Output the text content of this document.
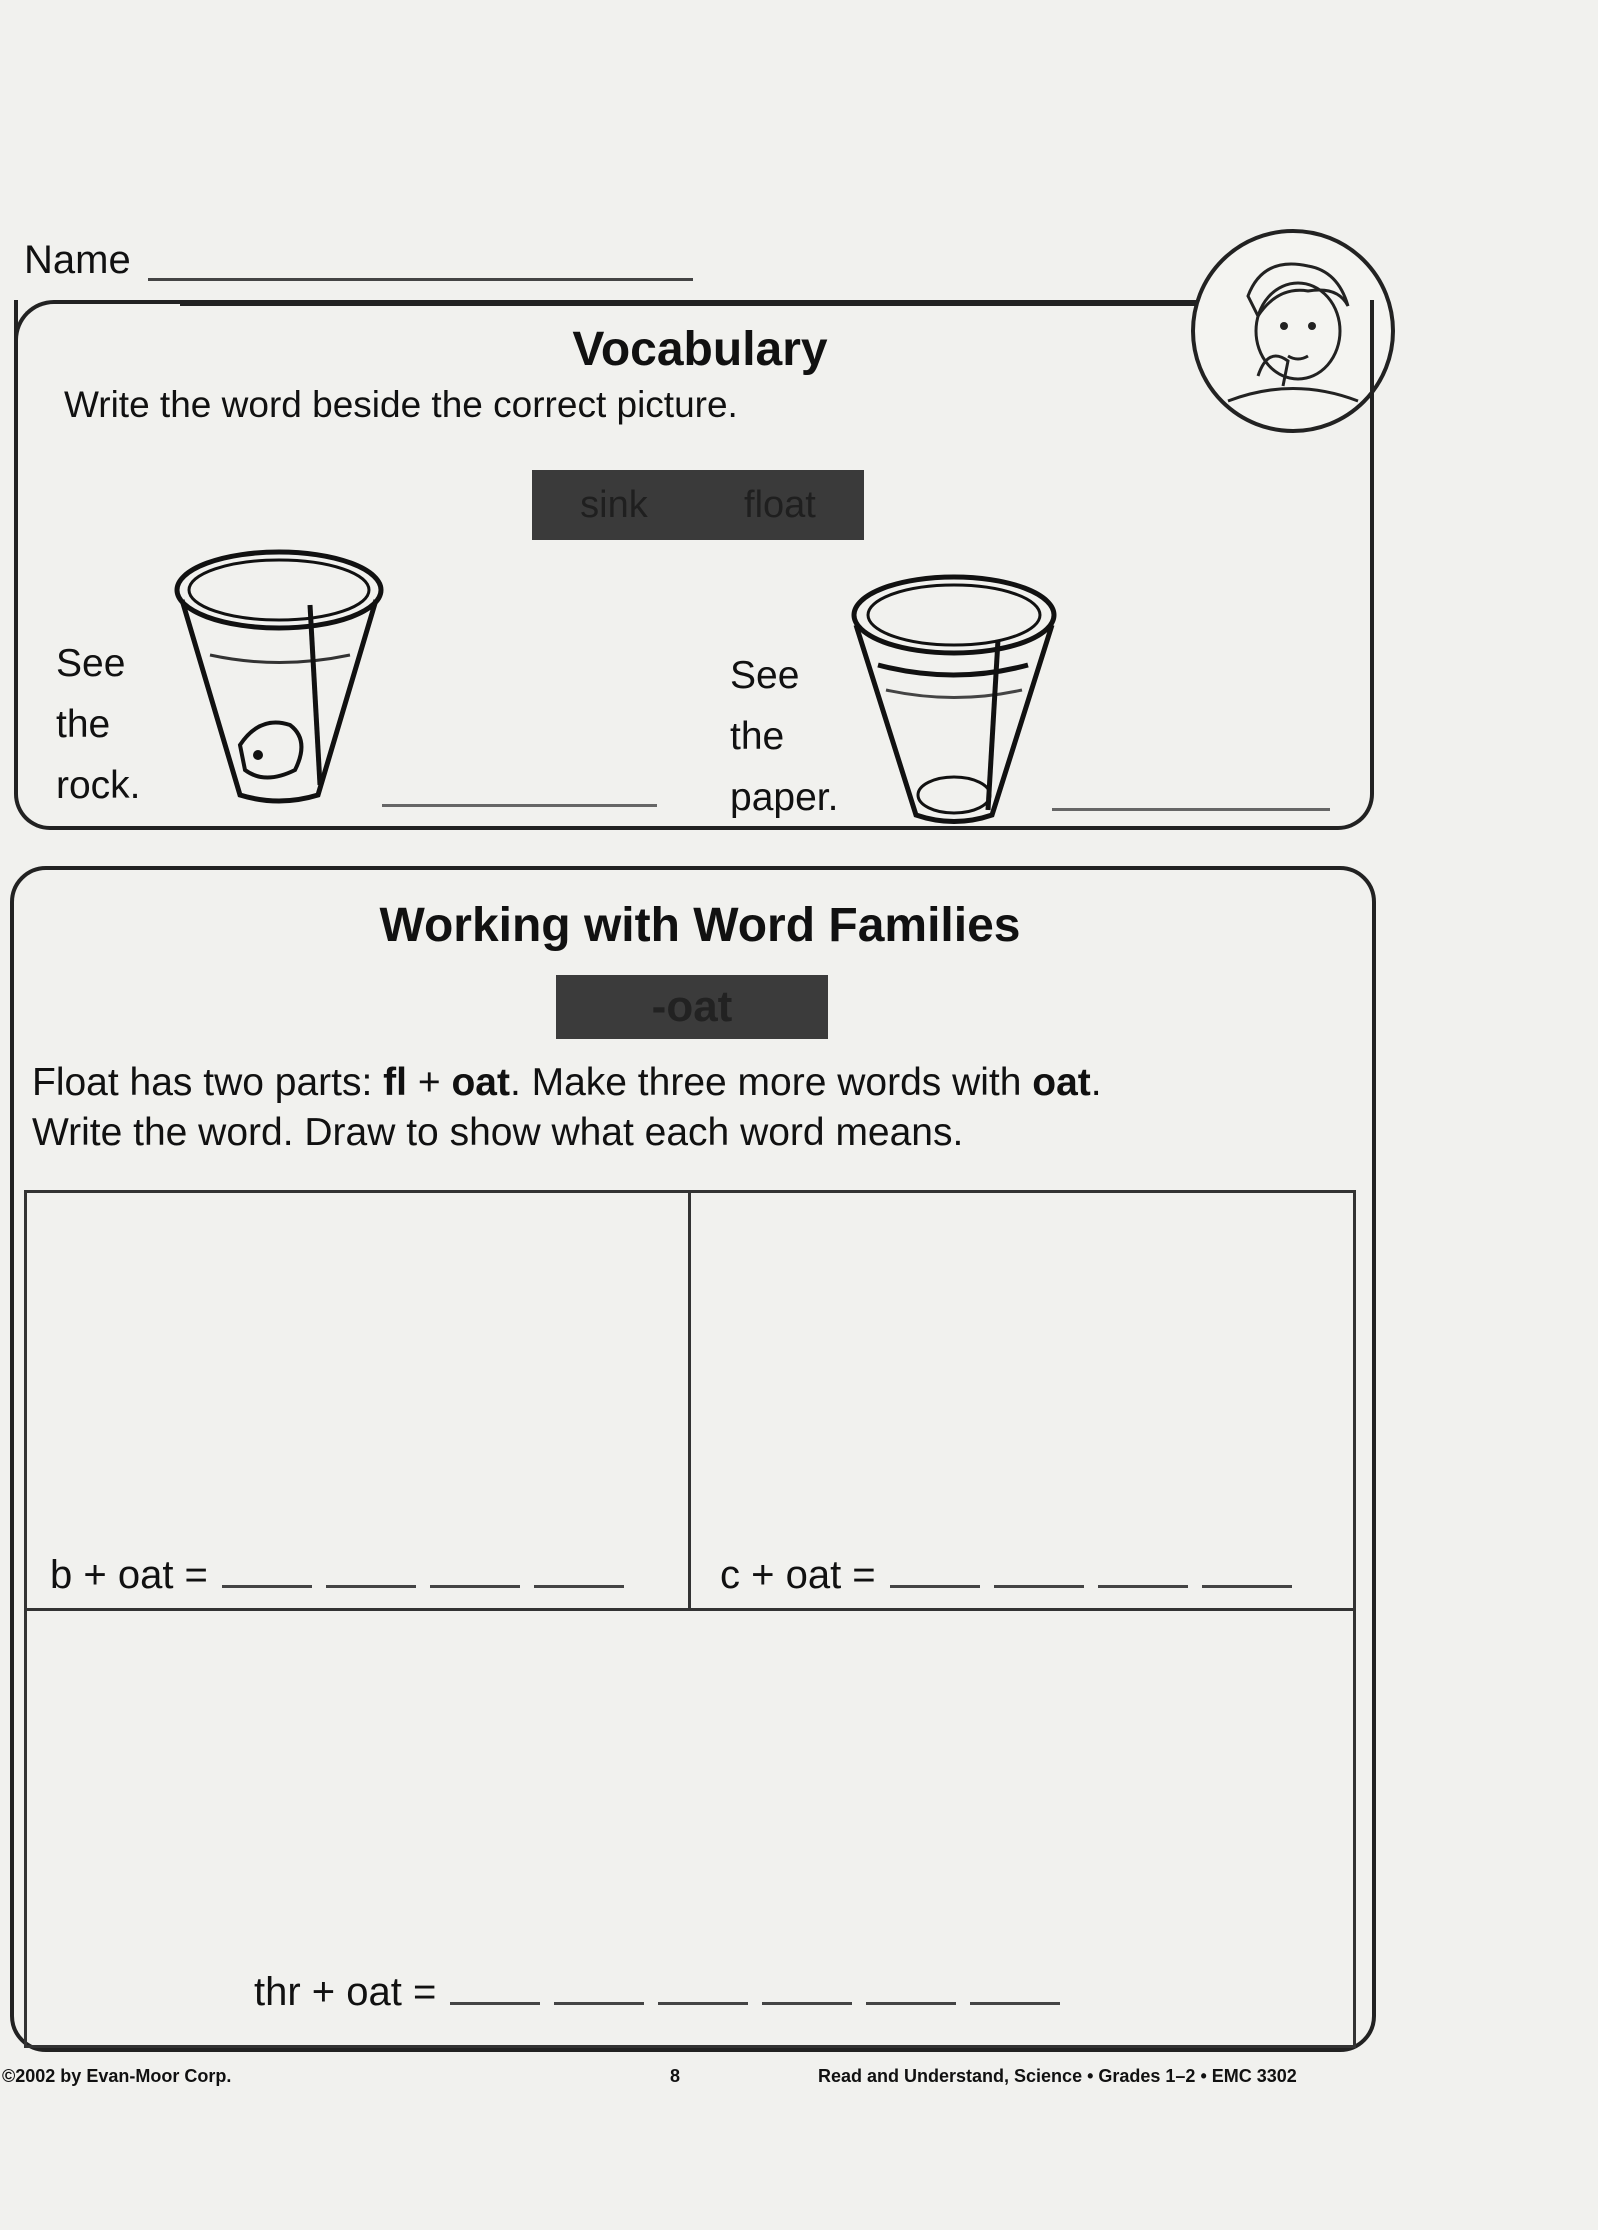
Name
Vocabulary
Write the word beside the correct picture.
sink	float
See
the
rock.
See
the
paper.
Working with Word Families
-oat
Float has two parts: fl + oat. Make three more words with oat.
Write the word. Draw to show what each word means.
b + oat =	c + oat =
thr + oat =
©2002 by Evan-Moor Corp.	8	Read and Understand, Science • Grades 1–2 • EMC 3302
